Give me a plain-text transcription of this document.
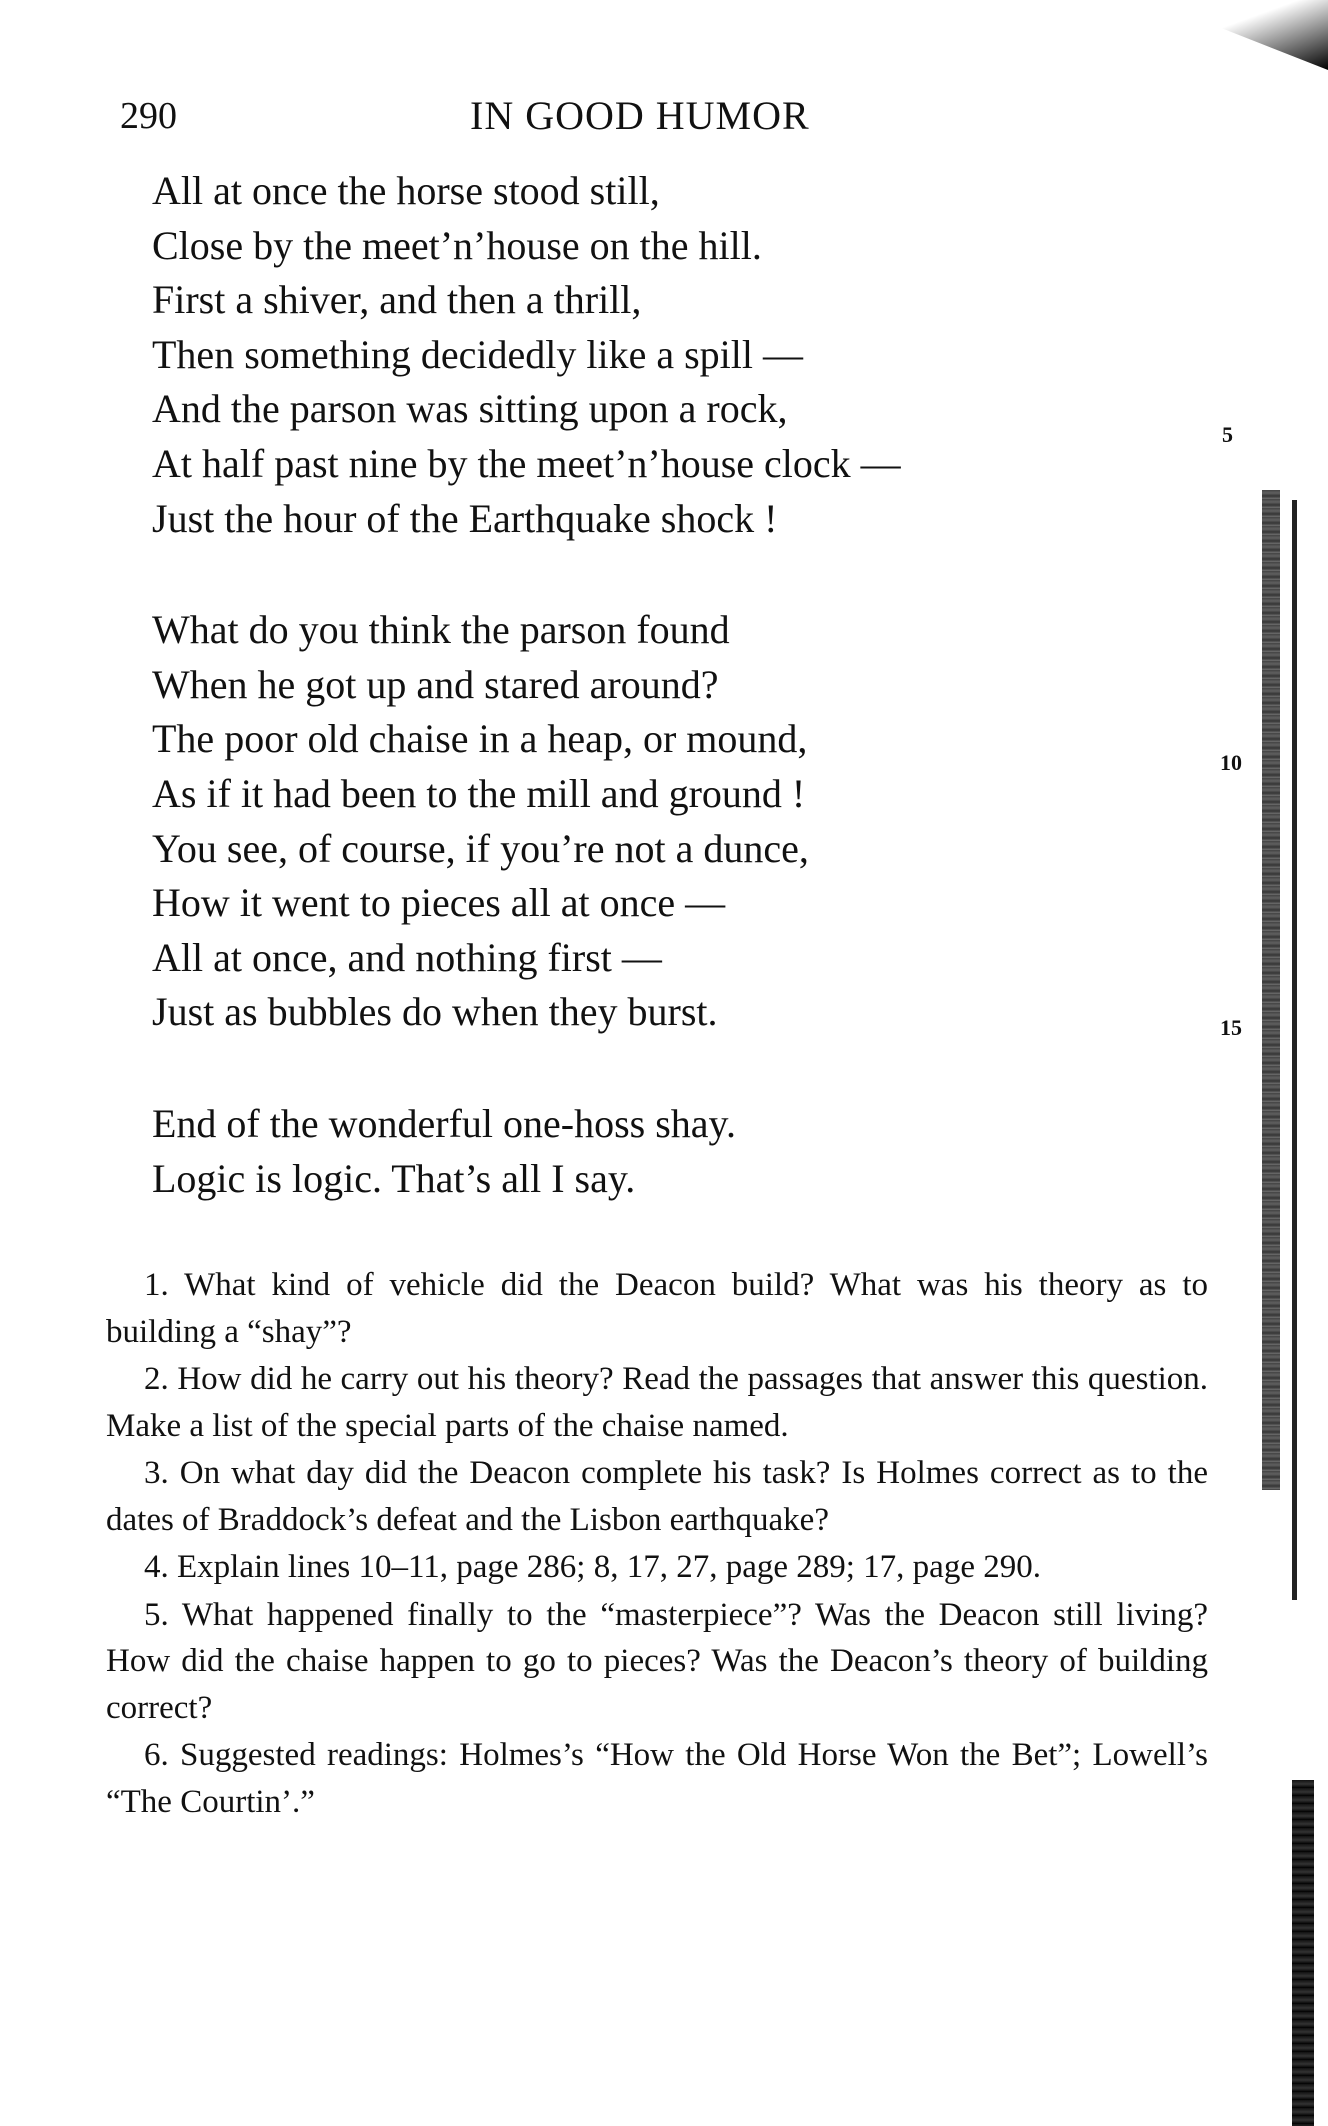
290	IN GOOD HUMOR
All at once the horse stood still,
Close by the meet’n’house on the hill.
First a shiver, and then a thrill,
Then something decidedly like a spill —
And the parson was sitting upon a rock,
At half past nine by the meet’n’house clock —
Just the hour of the Earthquake shock !
What do you think the parson found
When he got up and stared around?
The poor old chaise in a heap, or mound,
As if it had been to the mill and ground !
You see, of course, if you’re not a dunce,
How it went to pieces all at once —
All at once, and nothing first —
Just as bubbles do when they burst.
End of the wonderful one-hoss shay.
Logic is logic. That’s all I say.
5
10
15

1. What kind of vehicle did the Deacon build? What was his theory as to building a “shay”?

2. How did he carry out his theory? Read the passages that answer this question. Make a list of the special parts of the chaise named.

3. On what day did the Deacon complete his task? Is Holmes correct as to the dates of Braddock’s defeat and the Lisbon earthquake?

4. Explain lines 10–11, page 286; 8, 17, 27, page 289; 17, page 290.

5. What happened finally to the “masterpiece”? Was the Deacon still living? How did the chaise happen to go to pieces? Was the Deacon’s theory of building correct?

6. Suggested readings: Holmes’s “How the Old Horse Won the Bet”; Lowell’s “The Courtin’.”
